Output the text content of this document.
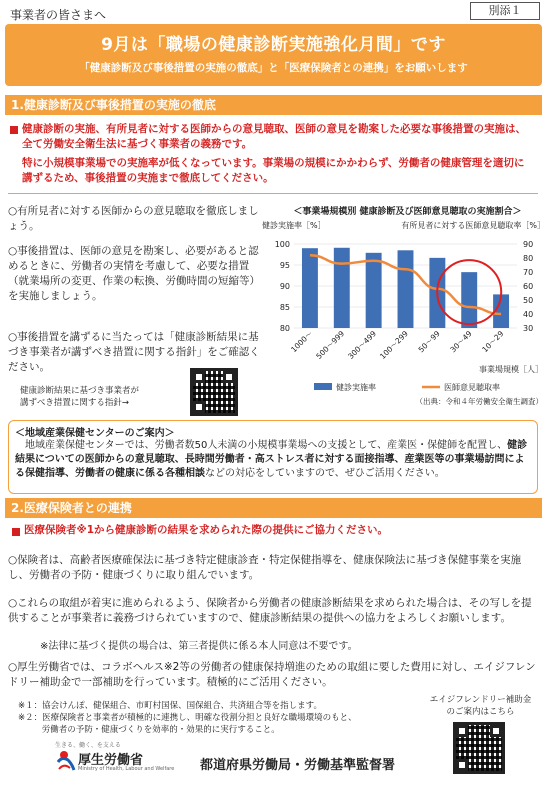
事業者の皆さまへ	別添１
9月は「職場の健康診断実施強化月間」です
「健康診断及び事後措置の実施の徹底」と「医療保険者との連携」をお願いします
1.健康診断及び事後措置の実施の徹底
健康診断の実施、有所見者に対する医師からの意見聴取、医師の意見を勘案した必要な事後措置の実施は、全て労働安全衛生法に基づく事業者の義務です。
特に小規模事業場での実施率が低くなっています。事業場の規模にかかわらず、労働者の健康管理を適切に講ずるため、事後措置の実施まで徹底してください。
○有所見者に対する医師からの意見聴取を徹底しましょう。
○事後措置は、医師の意見を勘案し、必要があると認めるときに、労働者の実情を考慮して、必要な措置（就業場所の変更、作業の転換、労働時間の短縮等）を実施しましょう。
○事後措置を講ずるに当たっては「健康診断結果に基づき事業者が講ずべき措置に関する指針」をご確認ください。
健康診断結果に基づき事業者が
講ずべき措置に関する指針→
＜事業場規模別 健康診断及び医師意見聴取の実施割合＞
健診実施率［%］	有所見者に対する医師意見聴取率［%］
80
85
90
95
100
30
40
50
60
70
80
90
1000～ 500～999 300～499 100～299 50～99 30～49 10～29
事業場規模［人］
健診実施率	医師意見聴取率
（出典：令和４年労働安全衛生調査）
＜地域産業保健センターのご案内＞
地域産業保健センターでは、労働者数50人未満の小規模事業場への支援として、産業医・保健師を配置し、健診結果についての医師からの意見聴取、長時間労働者・高ストレス者に対する面接指導、産業医等の事業場訪問による保健指導、労働者の健康に係る各種相談などの対応をしていますので、ぜひご活用ください。
2.医療保険者との連携
医療保険者※1から健康診断の結果を求められた際の提供にご協力ください。
○保険者は、高齢者医療確保法に基づき特定健康診査・特定保健指導を、健康保険法に基づき保健事業を実施し、労働者の予防・健康づくりに取り組んでいます。
○これらの取組が着実に進められるよう、保険者から労働者の健康診断結果を求められた場合は、その写しを提供することが事業者に義務づけられていますので、健康診断結果の提供への協力をよろしくお願いします。
※法律に基づく提供の場合は、第三者提供に係る本人同意は不要です。
○厚生労働省では、コラボヘルス※2等の労働者の健康保持増進のための取組に要した費用に対し、エイジフレンドリー補助金で一部補助を行っています。積極的にご活用ください。
※１：協会けんぽ、健保組合、市町村国保、国保組合、共済組合等を指します。
※２：医療保険者と事業者が積極的に連携し、明確な役割分担と良好な職場環境のもと、
労働者の予防・健康づくりを効率的・効果的に実行すること。
エイジフレンドリー補助金
のご案内はこちら
生きる、働く、を支える
厚生労働省
Ministry of Health, Labour and Welfare 都道府県労働局・労働基準監督署
